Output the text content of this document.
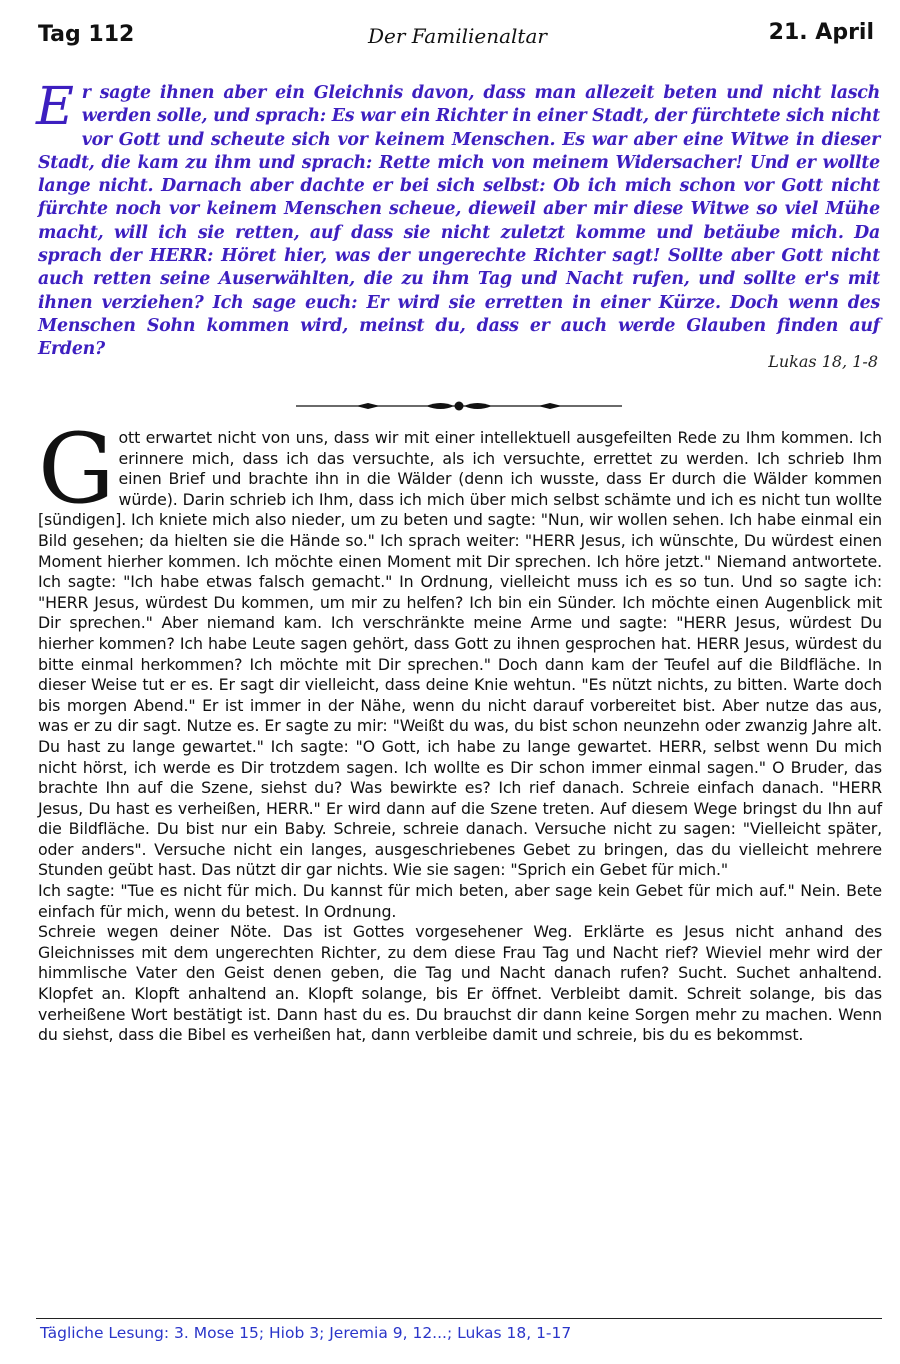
Tag 112	Der Familienaltar	21. April
E r sagte ihnen aber ein Gleichnis davon, dass man allezeit beten und nicht lasch werden solle, und sprach: Es war ein Richter in einer Stadt, der fürchtete sich nicht vor Gott und scheute sich vor keinem Menschen. Es war aber eine Witwe in dieser Stadt, die kam zu ihm und sprach: Rette mich von meinem Widersacher! Und er wollte lange nicht. Darnach aber dachte er bei sich selbst: Ob ich mich schon vor Gott nicht fürchte noch vor keinem Menschen scheue, dieweil aber mir diese Witwe so viel Mühe macht, will ich sie retten, auf dass sie nicht zuletzt komme und betäube mich. Da sprach der HERR: Höret hier, was der ungerechte Richter sagt! Sollte aber Gott nicht auch retten seine Auserwählten, die zu ihm Tag und Nacht rufen, und sollte er's mit ihnen verziehen? Ich sage euch: Er wird sie erretten in einer Kürze. Doch wenn des Menschen Sohn kommen wird, meinst du, dass er auch werde Glauben finden auf Erden?
Lukas 18, 1-8
G ott erwartet nicht von uns, dass wir mit einer intellektuell ausgefeilten Rede zu Ihm kommen. Ich erinnere mich, dass ich das versuchte, als ich versuchte, errettet zu werden. Ich schrieb Ihm einen Brief und brachte ihn in die Wälder (denn ich wusste, dass Er durch die Wälder kommen würde). Darin schrieb ich Ihm, dass ich mich über mich selbst schämte und ich es nicht tun wollte [sündigen]. Ich kniete mich also nieder, um zu beten und sagte: "Nun, wir wollen sehen. Ich habe einmal ein Bild gesehen; da hielten sie die Hände so." Ich sprach weiter: "HERR Jesus, ich wünschte, Du würdest einen Moment hierher kommen. Ich möchte einen Moment mit Dir sprechen. Ich höre jetzt." Niemand antwortete. Ich sagte: "Ich habe etwas falsch gemacht." In Ordnung, vielleicht muss ich es so tun. Und so sagte ich: "HERR Jesus, würdest Du kommen, um mir zu helfen? Ich bin ein Sünder. Ich möchte einen Augenblick mit Dir sprechen." Aber niemand kam. Ich verschränkte meine Arme und sagte: "HERR Jesus, würdest Du hierher kommen? Ich habe Leute sagen gehört, dass Gott zu ihnen gesprochen hat. HERR Jesus, würdest du bitte einmal herkommen? Ich möchte mit Dir sprechen." Doch dann kam der Teufel auf die Bildfläche. In dieser Weise tut er es. Er sagt dir vielleicht, dass deine Knie wehtun. "Es nützt nichts, zu bitten. Warte doch bis morgen Abend." Er ist immer in der Nähe, wenn du nicht darauf vorbereitet bist. Aber nutze das aus, was er zu dir sagt. Nutze es. Er sagte zu mir: "Weißt du was, du bist schon neunzehn oder zwanzig Jahre alt. Du hast zu lange gewartet." Ich sagte: "O Gott, ich habe zu lange gewartet. HERR, selbst wenn Du mich nicht hörst, ich werde es Dir trotzdem sagen. Ich wollte es Dir schon immer einmal sagen." O Bruder, das brachte Ihn auf die Szene, siehst du? Was bewirkte es? Ich rief danach. Schreie einfach danach. "HERR Jesus, Du hast es verheißen, HERR." Er wird dann auf die Szene treten. Auf diesem Wege bringst du Ihn auf die Bildfläche. Du bist nur ein Baby. Schreie, schreie danach. Versuche nicht zu sagen: "Vielleicht später, oder anders". Versuche nicht ein langes, ausgeschriebenes Gebet zu bringen, das du vielleicht mehrere Stunden geübt hast. Das nützt dir gar nichts. Wie sie sagen: "Sprich ein Gebet für mich."

Ich sagte: "Tue es nicht für mich. Du kannst für mich beten, aber sage kein Gebet für mich auf." Nein. Bete einfach für mich, wenn du betest. In Ordnung.

Schreie wegen deiner Nöte. Das ist Gottes vorgesehener Weg. Erklärte es Jesus nicht anhand des Gleichnisses mit dem ungerechten Richter, zu dem diese Frau Tag und Nacht rief? Wieviel mehr wird der himmlische Vater den Geist denen geben, die Tag und Nacht danach rufen? Sucht. Suchet anhaltend. Klopfet an. Klopft anhaltend an. Klopft solange, bis Er öffnet. Verbleibt damit. Schreit solange, bis das verheißene Wort bestätigt ist. Dann hast du es. Du brauchst dir dann keine Sorgen mehr zu machen. Wenn du siehst, dass die Bibel es verheißen hat, dann verbleibe damit und schreie, bis du es bekommst.

Tägliche Lesung: 3. Mose 15; Hiob 3; Jeremia 9, 12...; Lukas 18, 1-17
